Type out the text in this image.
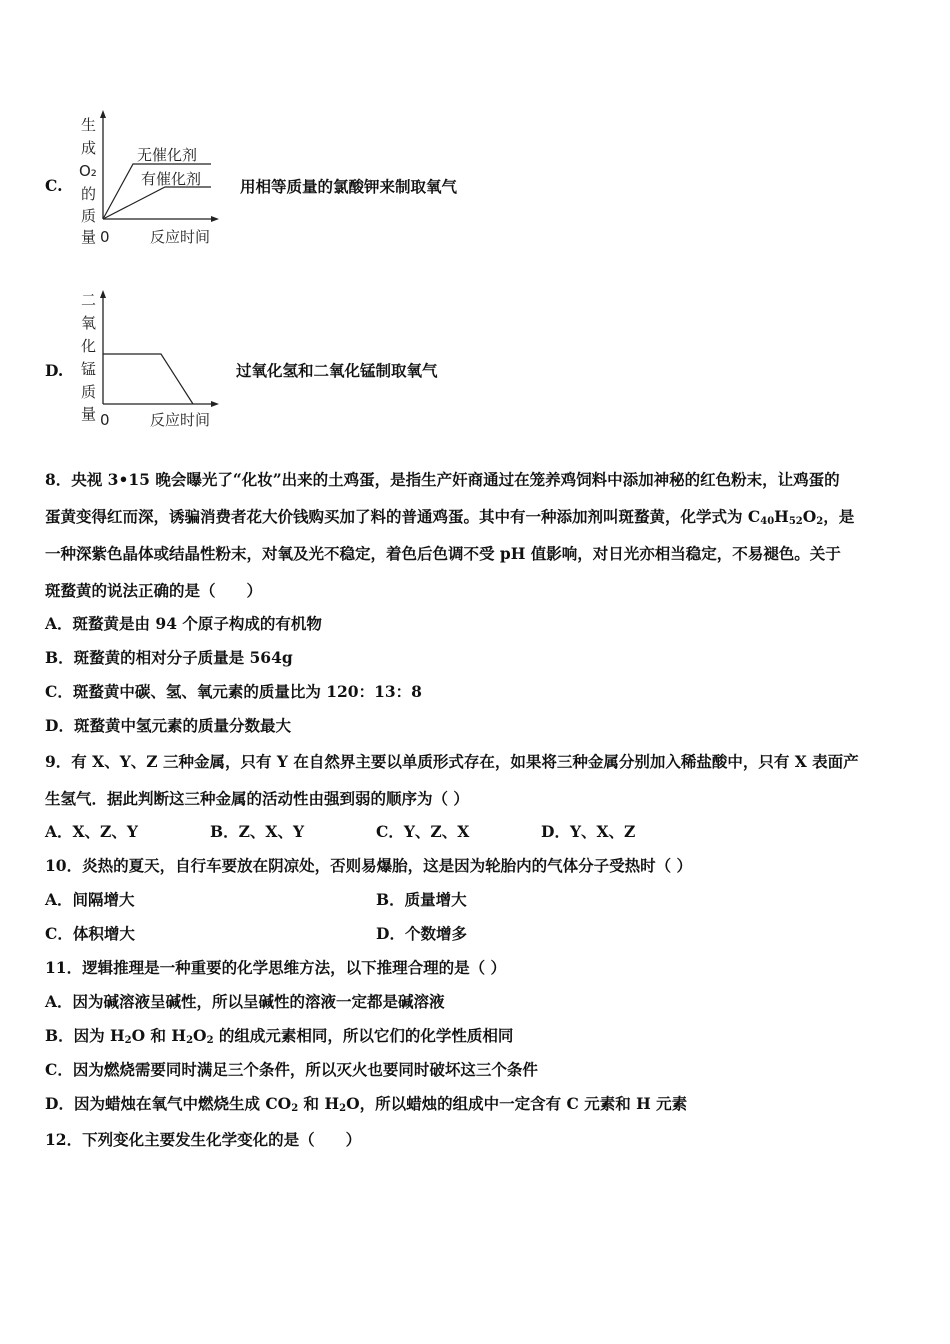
C.
生
成
O₂
的
质
量
无催化剂
有催化剂
0	反应时间
用相等质量的氯酸钾来制取氧气
D.
二
氧
化
锰
质
量 0	反应时间
过氧化氢和二氧化锰制取氧气

8．央视 3•15 晚会曝光了“化妆”出来的土鸡蛋，是指生产奸商通过在笼养鸡饲料中添加神秘的红色粉末，让鸡蛋的

蛋黄变得红而深，诱骗消费者花大价钱购买加了料的普通鸡蛋。其中有一种添加剂叫斑蝥黄，化学式为 $C_{40}H_{52}O_2$，是

一种深紫色晶体或结晶性粉末，对氧及光不稳定，着色后色调不受 pH 值影响，对日光亦相当稳定，不易褪色。关于

斑蝥黄的说法正确的是（　　）

A．斑蝥黄是由 94 个原子构成的有机物
B．斑蝥黄的相对分子质量是 564g
C．斑蝥黄中碳、氢、氧元素的质量比为 120：13：8
D．斑蝥黄中氢元素的质量分数最大

9．有 X、Y、Z 三种金属，只有 Y 在自然界主要以单质形式存在，如果将三种金属分别加入稀盐酸中，只有 X 表面产

生氢气．据此判断这三种金属的活动性由强到弱的顺序为（ ）

A．X、Z、Y	B．Z、X、Y	C．Y、Z、X	D．Y、X、Z
10．炎热的夏天，自行车要放在阴凉处，否则易爆胎，这是因为轮胎内的气体分子受热时（ ）
A．间隔增大	B．质量增大
C．体积增大	D．个数增多
11．逻辑推理是一种重要的化学思维方法，以下推理合理的是（ ）
A．因为碱溶液呈碱性，所以呈碱性的溶液一定都是碱溶液
B．因为 $H_2O$ 和 $H_2O_2$ 的组成元素相同，所以它们的化学性质相同
C．因为燃烧需要同时满足三个条件，所以灭火也要同时破坏这三个条件
D．因为蜡烛在氧气中燃烧生成 $CO_2$ 和 $H_2O$，所以蜡烛的组成中一定含有 C 元素和 H 元素
12．下列变化主要发生化学变化的是（　　）
